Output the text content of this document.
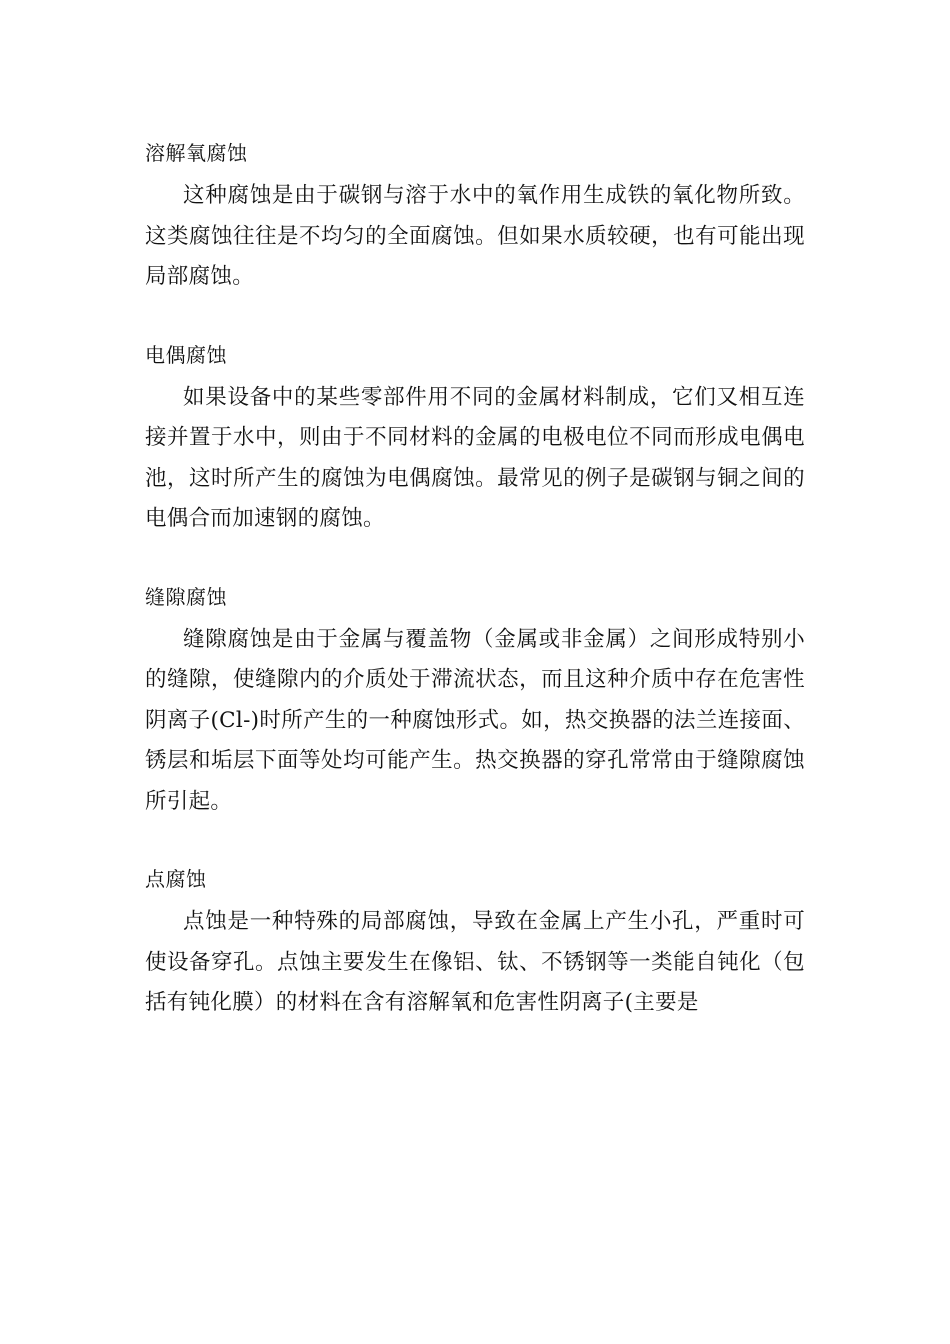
溶解氧腐蚀

这种腐蚀是由于碳钢与溶于水中的氧作用生成铁的氧化物所致。这类腐蚀往往是不均匀的全面腐蚀。但如果水质较硬，也有可能出现局部腐蚀。

电偶腐蚀

如果设备中的某些零部件用不同的金属材料制成，它们又相互连接并置于水中，则由于不同材料的金属的电极电位不同而形成电偶电池，这时所产生的腐蚀为电偶腐蚀。最常见的例子是碳钢与铜之间的电偶合而加速钢的腐蚀。

缝隙腐蚀

缝隙腐蚀是由于金属与覆盖物（金属或非金属）之间形成特别小的缝隙，使缝隙内的介质处于滞流状态，而且这种介质中存在危害性阴离子(Cl-)时所产生的一种腐蚀形式。如，热交换器的法兰连接面、锈层和垢层下面等处均可能产生。热交换器的穿孔常常由于缝隙腐蚀所引起。

点腐蚀

点蚀是一种特殊的局部腐蚀，导致在金属上产生小孔，严重时可使设备穿孔。点蚀主要发生在像铝、钛、不锈钢等一类能自钝化（包括有钝化膜）的材料在含有溶解氧和危害性阴离子(主要是
